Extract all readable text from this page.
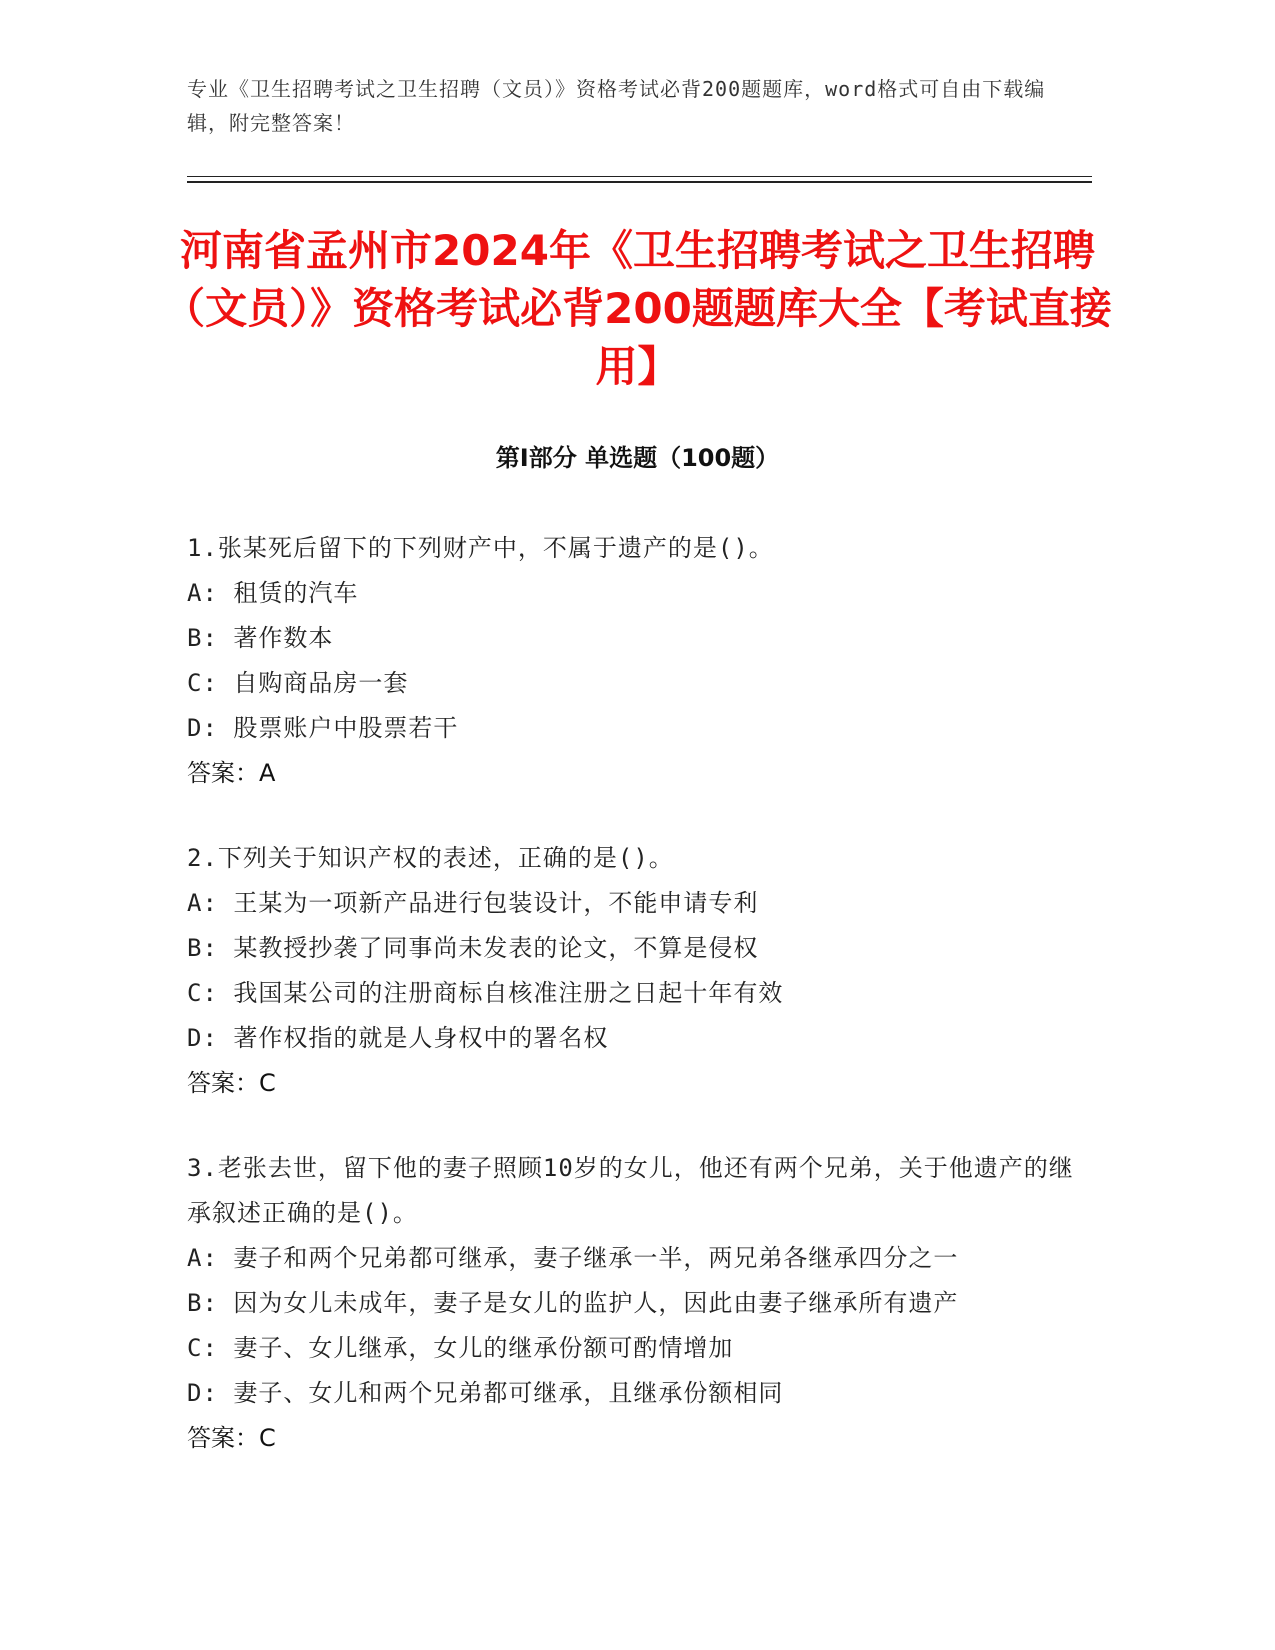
专业《卫生招聘考试之卫生招聘（文员）》资格考试必背200题题库，word格式可自由下载编辑，附完整答案！
河南省孟州市2024年《卫生招聘考试之卫生招聘（文员）》资格考试必背200题题库大全【考试直接用】
第I部分 单选题（100题）
1.张某死后留下的下列财产中，不属于遗产的是()。
A: 租赁的汽车
B: 著作数本
C: 自购商品房一套
D: 股票账户中股票若干
答案：A
2.下列关于知识产权的表述，正确的是()。
A: 王某为一项新产品进行包装设计，不能申请专利
B: 某教授抄袭了同事尚未发表的论文，不算是侵权
C: 我国某公司的注册商标自核准注册之日起十年有效
D: 著作权指的就是人身权中的署名权
答案：C
3.老张去世，留下他的妻子照顾10岁的女儿，他还有两个兄弟，关于他遗产的继承叙述正确的是()。
A: 妻子和两个兄弟都可继承，妻子继承一半，两兄弟各继承四分之一
B: 因为女儿未成年，妻子是女儿的监护人，因此由妻子继承所有遗产
C: 妻子、女儿继承，女儿的继承份额可酌情增加
D: 妻子、女儿和两个兄弟都可继承，且继承份额相同
答案：C
